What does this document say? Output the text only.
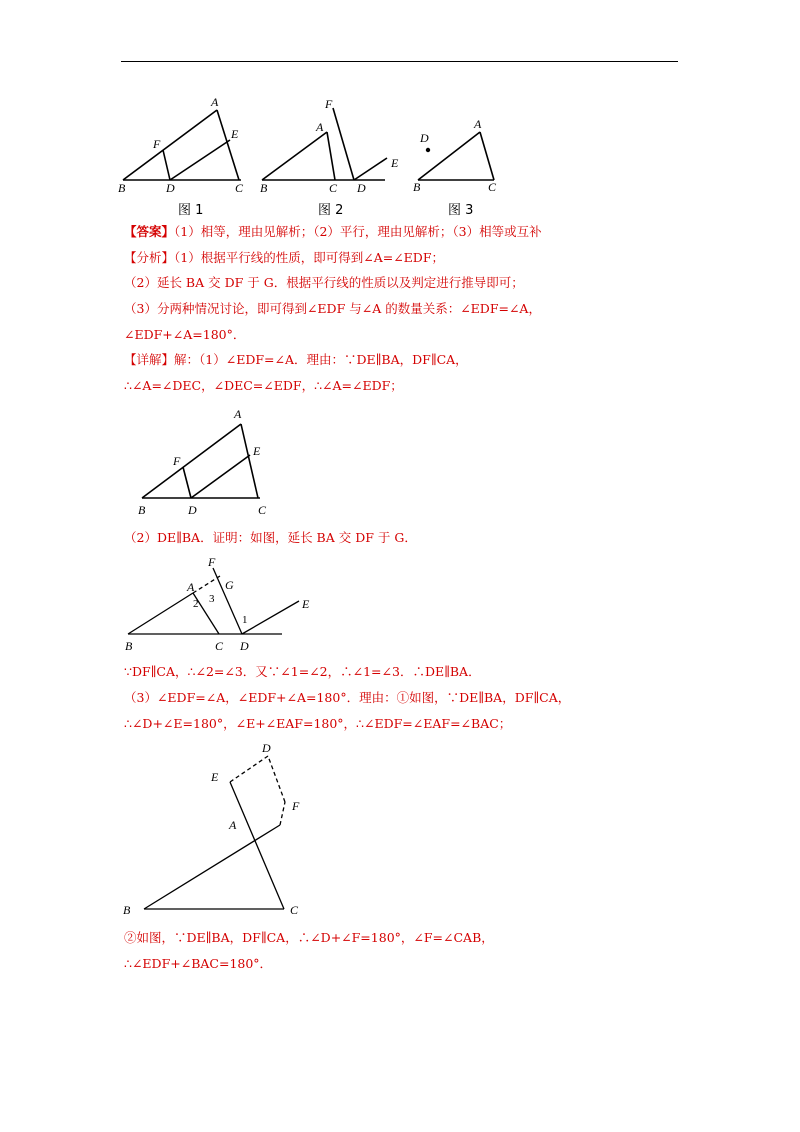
A
B	C
D
E
F
图 1
A
B	C D
E
F
图 2
A
B	C
D
图 3
【答案】（1）相等，理由见解析；（2）平行，理由见解析；（3）相等或互补
【分析】（1）根据平行线的性质，即可得到∠A=∠EDF；
（2）延长 BA 交 DF 于 G．根据平行线的性质以及判定进行推导即可；
（3）分两种情况讨论，即可得到∠EDF 与∠A 的数量关系：∠EDF=∠A，
∠EDF+∠A=180°．
【详解】解：（1）∠EDF=∠A．理由：∵DE∥BA，DF∥CA，
∴∠A=∠DEC，∠DEC=∠EDF，∴∠A=∠EDF；
A
B	C
D
E
F
（2）DE∥BA．证明：如图，延长 BA 交 DF 于 G．
A
B	C D
E
F
G
1
2 3
∵DF∥CA，∴∠2=∠3．又∵∠1=∠2，∴∠1=∠3．∴DE∥BA．
（3）∠EDF=∠A，∠EDF+∠A=180°．理由：①如图，∵DE∥BA，DF∥CA，
∴∠D+∠E=180°，∠E+∠EAF=180°，∴∠EDF=∠EAF=∠BAC；
A
B	C
D
E
F
②如图，∵DE∥BA，DF∥CA，∴∠D+∠F=180°，∠F=∠CAB，
∴∠EDF+∠BAC=180°．
